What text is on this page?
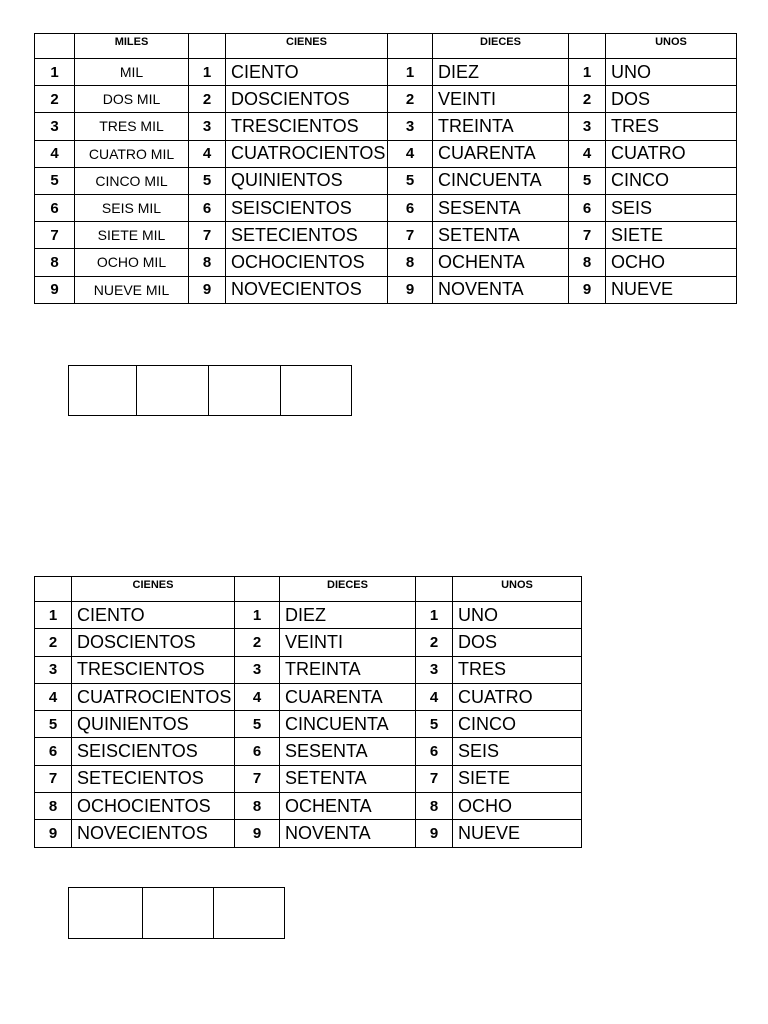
	MILES		CIENES		DIECES		UNOS
1	MIL	1	CIENTO	1	DIEZ	1	UNO
2	DOS MIL	2	DOSCIENTOS	2	VEINTI	2	DOS
3	TRES MIL	3	TRESCIENTOS	3	TREINTA	3	TRES
4	CUATRO MIL	4	CUATROCIENTOS	4	CUARENTA	4	CUATRO
5	CINCO MIL	5	QUINIENTOS	5	CINCUENTA	5	CINCO
6	SEIS MIL	6	SEISCIENTOS	6	SESENTA	6	SEIS
7	SIETE MIL	7	SETECIENTOS	7	SETENTA	7	SIETE
8	OCHO MIL	8	OCHOCIENTOS	8	OCHENTA	8	OCHO
9	NUEVE MIL	9	NOVECIENTOS	9	NOVENTA	9	NUEVE
	CIENES		DIECES		UNOS
1	CIENTO	1	DIEZ	1	UNO
2	DOSCIENTOS	2	VEINTI	2	DOS
3	TRESCIENTOS	3	TREINTA	3	TRES
4	CUATROCIENTOS	4	CUARENTA	4	CUATRO
5	QUINIENTOS	5	CINCUENTA	5	CINCO
6	SEISCIENTOS	6	SESENTA	6	SEIS
7	SETECIENTOS	7	SETENTA	7	SIETE
8	OCHOCIENTOS	8	OCHENTA	8	OCHO
9	NOVECIENTOS	9	NOVENTA	9	NUEVE
